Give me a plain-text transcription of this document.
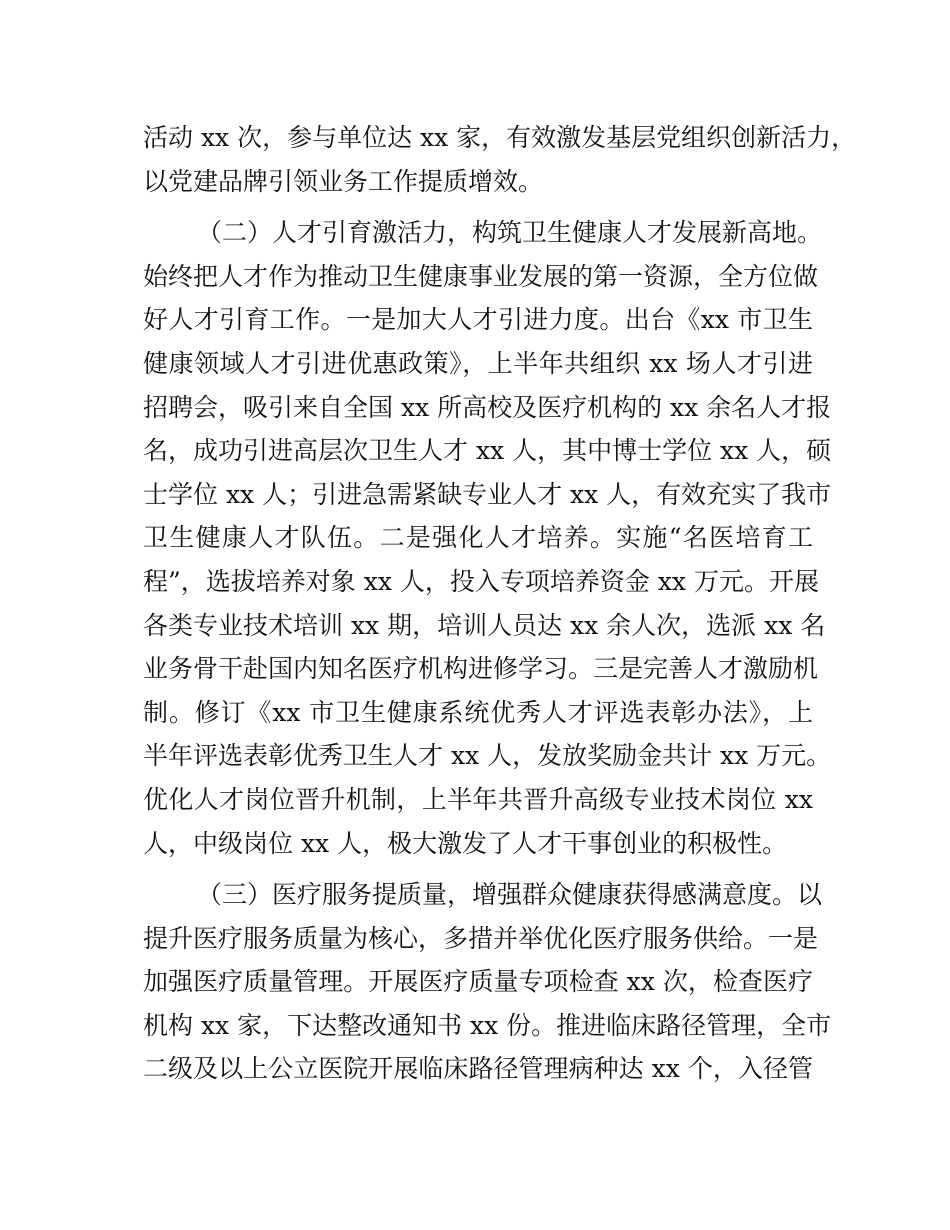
活动 xx 次，参与单位达 xx 家，有效激发基层党组织创新活力，
以党建品牌引领业务工作提质增效。
（二）人才引育激活力，构筑卫生健康人才发展新高地。
始终把人才作为推动卫生健康事业发展的第一资源，全方位做
好人才引育工作。一是加大人才引进力度。出台《xx 市卫生
健康领域人才引进优惠政策》，上半年共组织 xx 场人才引进
招聘会，吸引来自全国 xx 所高校及医疗机构的 xx 余名人才报
名，成功引进高层次卫生人才 xx 人，其中博士学位 xx 人，硕
士学位 xx 人；引进急需紧缺专业人才 xx 人，有效充实了我市
卫生健康人才队伍。二是强化人才培养。实施“名医培育工
程”，选拔培养对象 xx 人，投入专项培养资金 xx 万元。开展
各类专业技术培训 xx 期，培训人员达 xx 余人次，选派 xx 名
业务骨干赴国内知名医疗机构进修学习。三是完善人才激励机
制。修订《xx 市卫生健康系统优秀人才评选表彰办法》，上
半年评选表彰优秀卫生人才 xx 人，发放奖励金共计 xx 万元。
优化人才岗位晋升机制，上半年共晋升高级专业技术岗位 xx
人，中级岗位 xx 人，极大激发了人才干事创业的积极性。
（三）医疗服务提质量，增强群众健康获得感满意度。以
提升医疗服务质量为核心，多措并举优化医疗服务供给。一是
加强医疗质量管理。开展医疗质量专项检查 xx 次，检查医疗
机构 xx 家，下达整改通知书 xx 份。推进临床路径管理，全市
二级及以上公立医院开展临床路径管理病种达 xx 个，入径管
